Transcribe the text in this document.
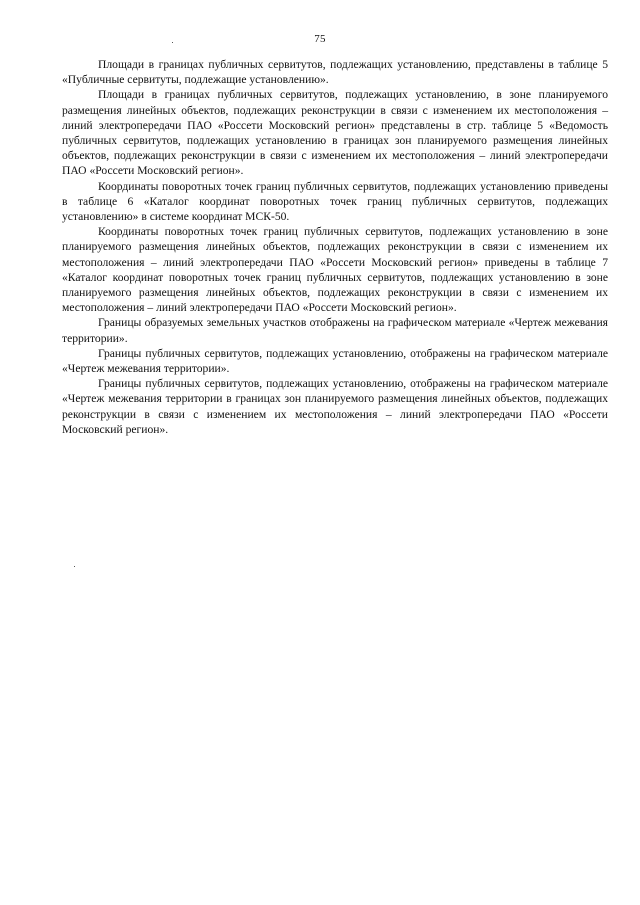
75

Площади в границах публичных сервитутов, подлежащих установлению, представлены в таблице 5 «Публичные сервитуты, подлежащие установлению».

Площади в границах публичных сервитутов, подлежащих установлению, в зоне планируемого размещения линейных объектов, подлежащих реконструкции в связи с изменением их местоположения – линий электропередачи ПАО «Россети Московский регион» представлены в стр. таблице 5 «Ведомость публичных сервитутов, подлежащих установлению в границах зон планируемого размещения линейных объектов, подлежащих реконструкции в связи с изменением их местоположения – линий электропередачи ПАО «Россети Московский регион».

Координаты поворотных точек границ публичных сервитутов, подлежащих установлению приведены в таблице 6 «Каталог координат поворотных точек границ публичных сервитутов, подлежащих установлению» в системе координат МСК-50.

Координаты поворотных точек границ публичных сервитутов, подлежащих установлению в зоне планируемого размещения линейных объектов, подлежащих реконструкции в связи с изменением их местоположения – линий электропередачи ПАО «Россети Московский регион» приведены в таблице 7 «Каталог координат поворотных точек границ публичных сервитутов, подлежащих установлению в зоне планируемого размещения линейных объектов, подлежащих реконструкции в связи с изменением их местоположения – линий электропередачи ПАО «Россети Московский регион».

Границы образуемых земельных участков отображены на графическом материале «Чертеж межевания территории».

Границы публичных сервитутов, подлежащих установлению, отображены на графическом материале «Чертеж межевания территории».

Границы публичных сервитутов, подлежащих установлению, отображены на графическом материале «Чертеж межевания территории в границах зон планируемого размещения линейных объектов, подлежащих реконструкции в связи с изменением их местоположения – линий электропередачи ПАО «Россети Московский регион».
